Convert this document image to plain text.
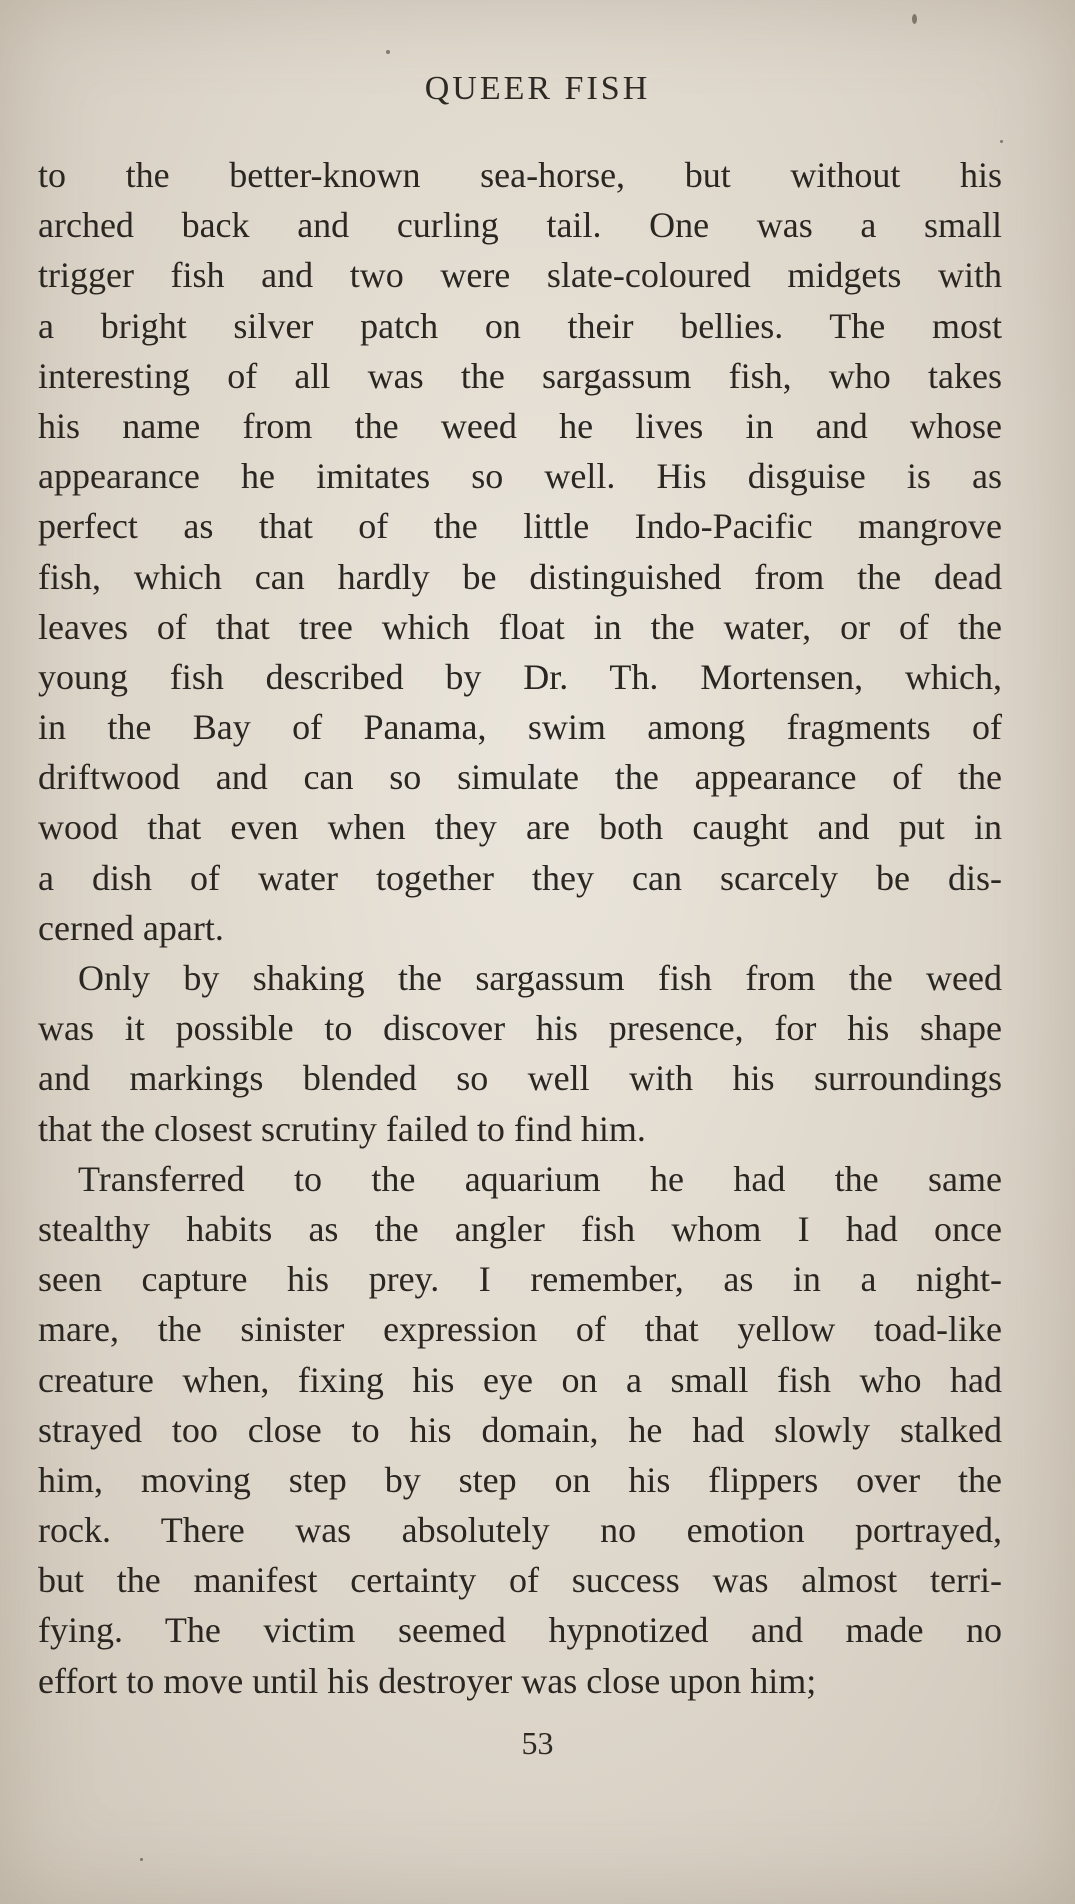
QUEER FISH
to the better-known sea-horse, but without his
arched back and curling tail. One was a small
trigger fish and two were slate-coloured midgets with
a bright silver patch on their bellies. The most
interesting of all was the sargassum fish, who takes
his name from the weed he lives in and whose
appearance he imitates so well. His disguise is as
perfect as that of the little Indo-Pacific mangrove
fish, which can hardly be distinguished from the dead
leaves of that tree which float in the water, or of the
young fish described by Dr. Th. Mortensen, which,
in the Bay of Panama, swim among fragments of
driftwood and can so simulate the appearance of the
wood that even when they are both caught and put in
a dish of water together they can scarcely be dis-
cerned apart.
Only by shaking the sargassum fish from the weed
was it possible to discover his presence, for his shape
and markings blended so well with his surroundings
that the closest scrutiny failed to find him.
Transferred to the aquarium he had the same
stealthy habits as the angler fish whom I had once
seen capture his prey. I remember, as in a night-
mare, the sinister expression of that yellow toad-like
creature when, fixing his eye on a small fish who had
strayed too close to his domain, he had slowly stalked
him, moving step by step on his flippers over the
rock. There was absolutely no emotion portrayed,
but the manifest certainty of success was almost terri-
fying. The victim seemed hypnotized and made no
effort to move until his destroyer was close upon him;
53
